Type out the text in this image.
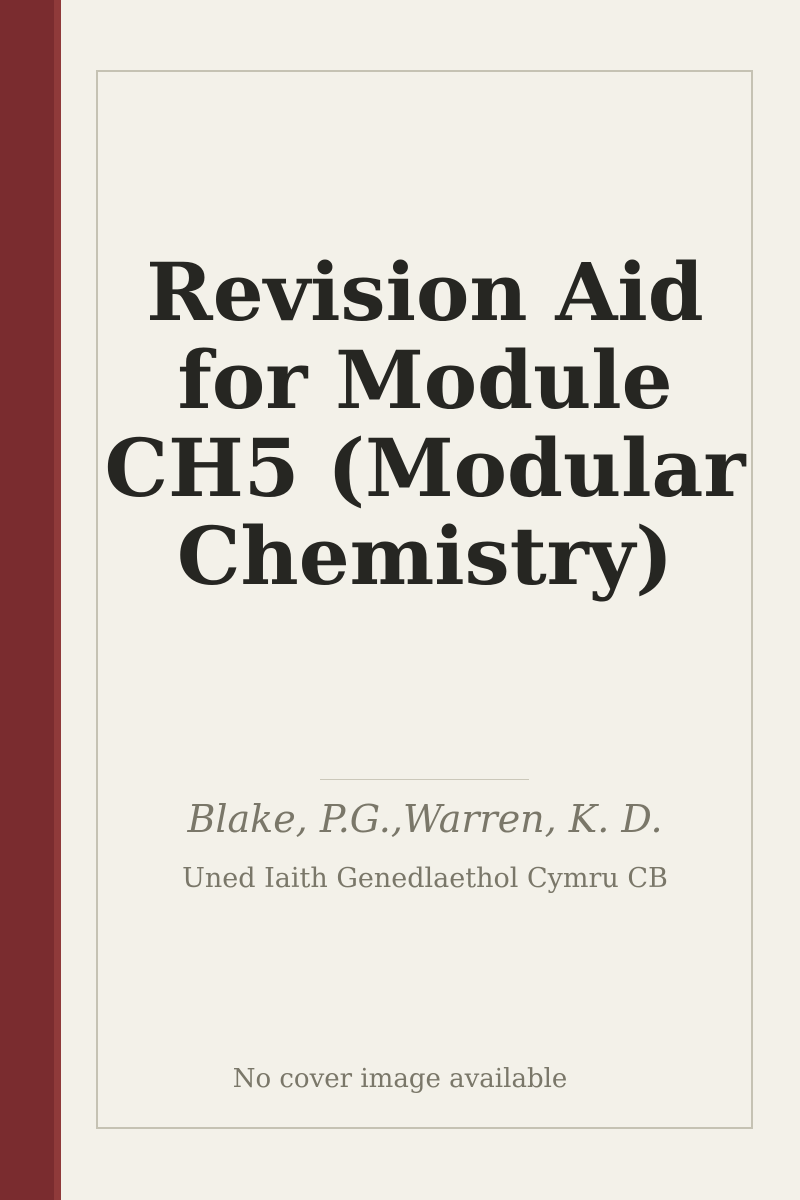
Revision Aid for Module CH5 (Modular Chemistry)
Blake, P.G.,Warren, K. D.
Uned Iaith Genedlaethol Cymru CB
No cover image available
